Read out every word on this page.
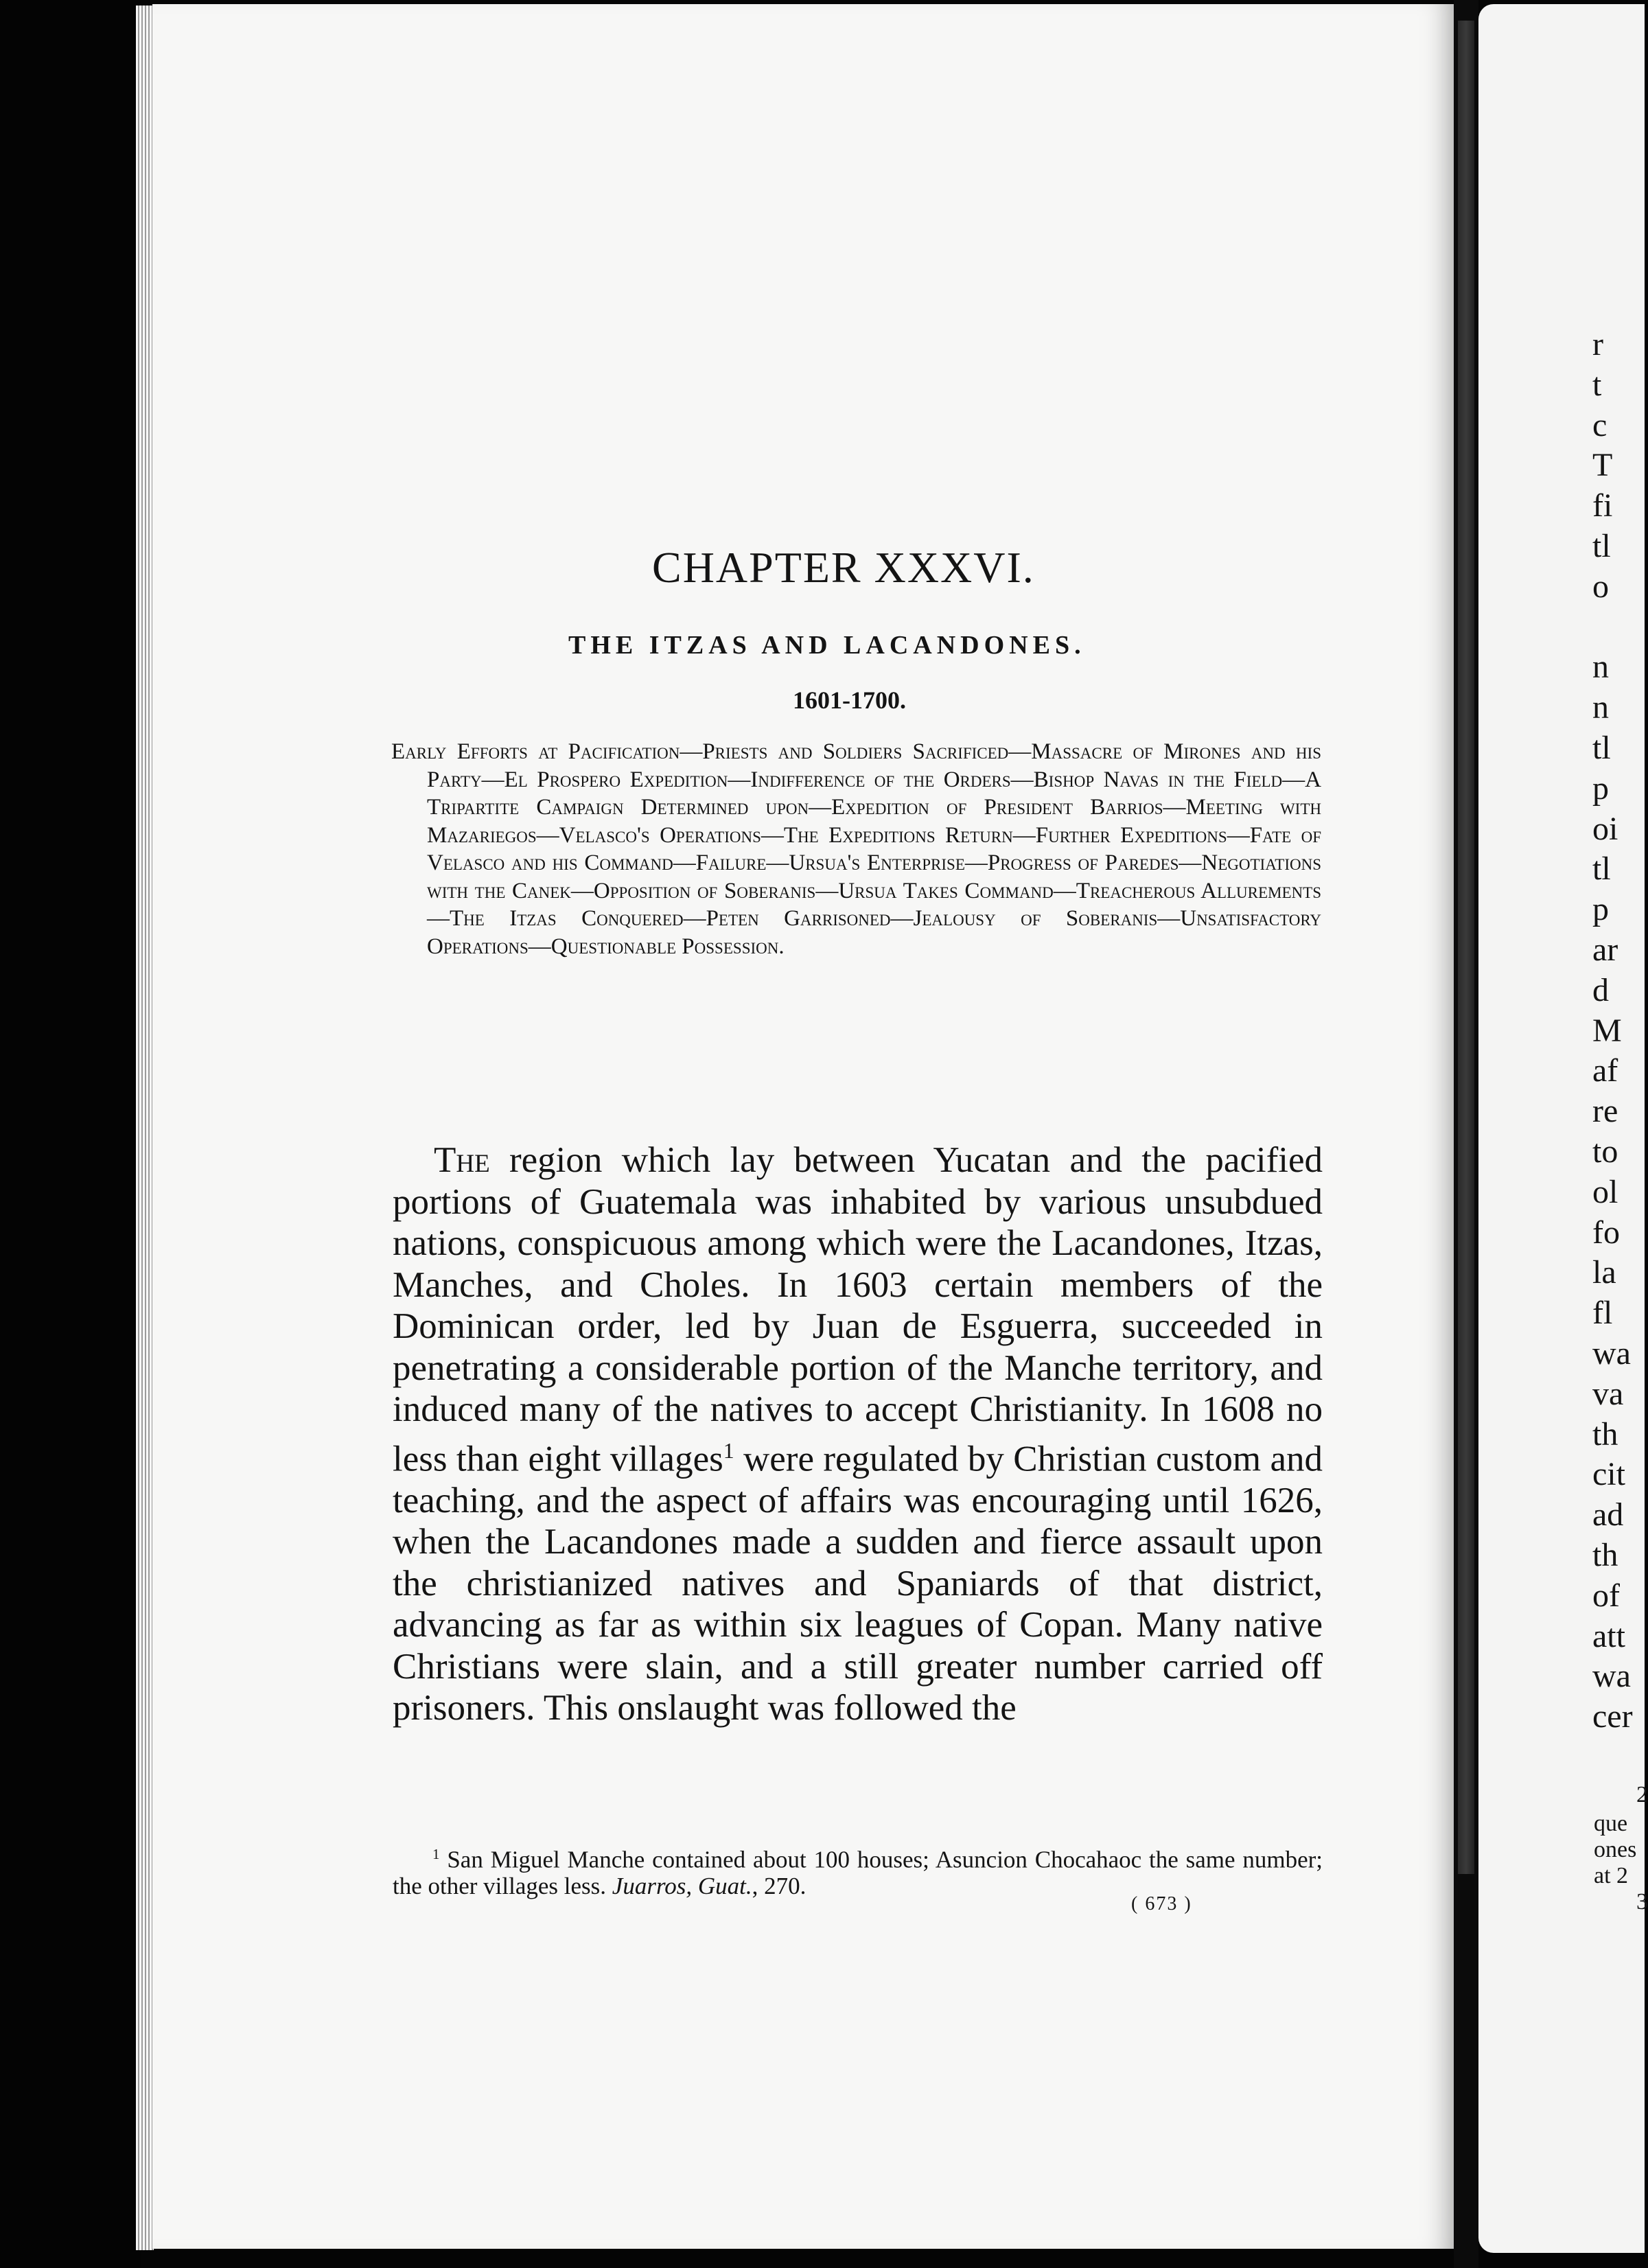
CHAPTER XXXVI.
THE ITZAS AND LACANDONES.
1601-1700.
Early Efforts at Pacification—Priests and Soldiers Sacrificed—Massacre of Mirones and his Party—El Prospero Expedition—Indifference of the Orders—Bishop Navas in the Field—A Tripartite Campaign Determined upon—Expedition of President Barrios—Meeting with Mazariegos—Velasco's Operations—The Expeditions Return—Further Expeditions—Fate of Velasco and his Command—Failure—Ursua's Enterprise—Progress of Paredes—Negotiations with the Canek—Opposition of Soberanis—Ursua Takes Command—Treacherous Allurements—The Itzas Conquered—Peten Garrisoned—Jealousy of Soberanis—Unsatisfactory Operations—Questionable Possession.
The region which lay between Yucatan and the pacified portions of Guatemala was inhabited by various unsubdued nations, conspicuous among which were the Lacandones, Itzas, Manches, and Choles. In 1603 certain members of the Dominican order, led by Juan de Esguerra, succeeded in penetrating a considerable portion of the Manche territory, and induced many of the natives to accept Christianity. In 1608 no less than eight villages$^1$ were regulated by Christian custom and teaching, and the aspect of affairs was encouraging until 1626, when the Lacandones made a sudden and fierce assault upon the christianized natives and Spaniards of that district, advancing as far as within six leagues of Copan. Many native Christians were slain, and a still greater number carried off prisoners. This onslaught was followed the
$^1$ San Miguel Manche contained about 100 houses; Asuncion Chocahaoc the same number; the other villages less. Juarros, Guat., 270.
( 673 )
r
t
c
T
fi
tl
o
n
n
tl
p
oi
tl
p
ar
d
M
af
re
to
ol
fo
la
fl
wa
va
th
cit
ad
th
of
att
wa
cer
2
que
ones
at 2
3
